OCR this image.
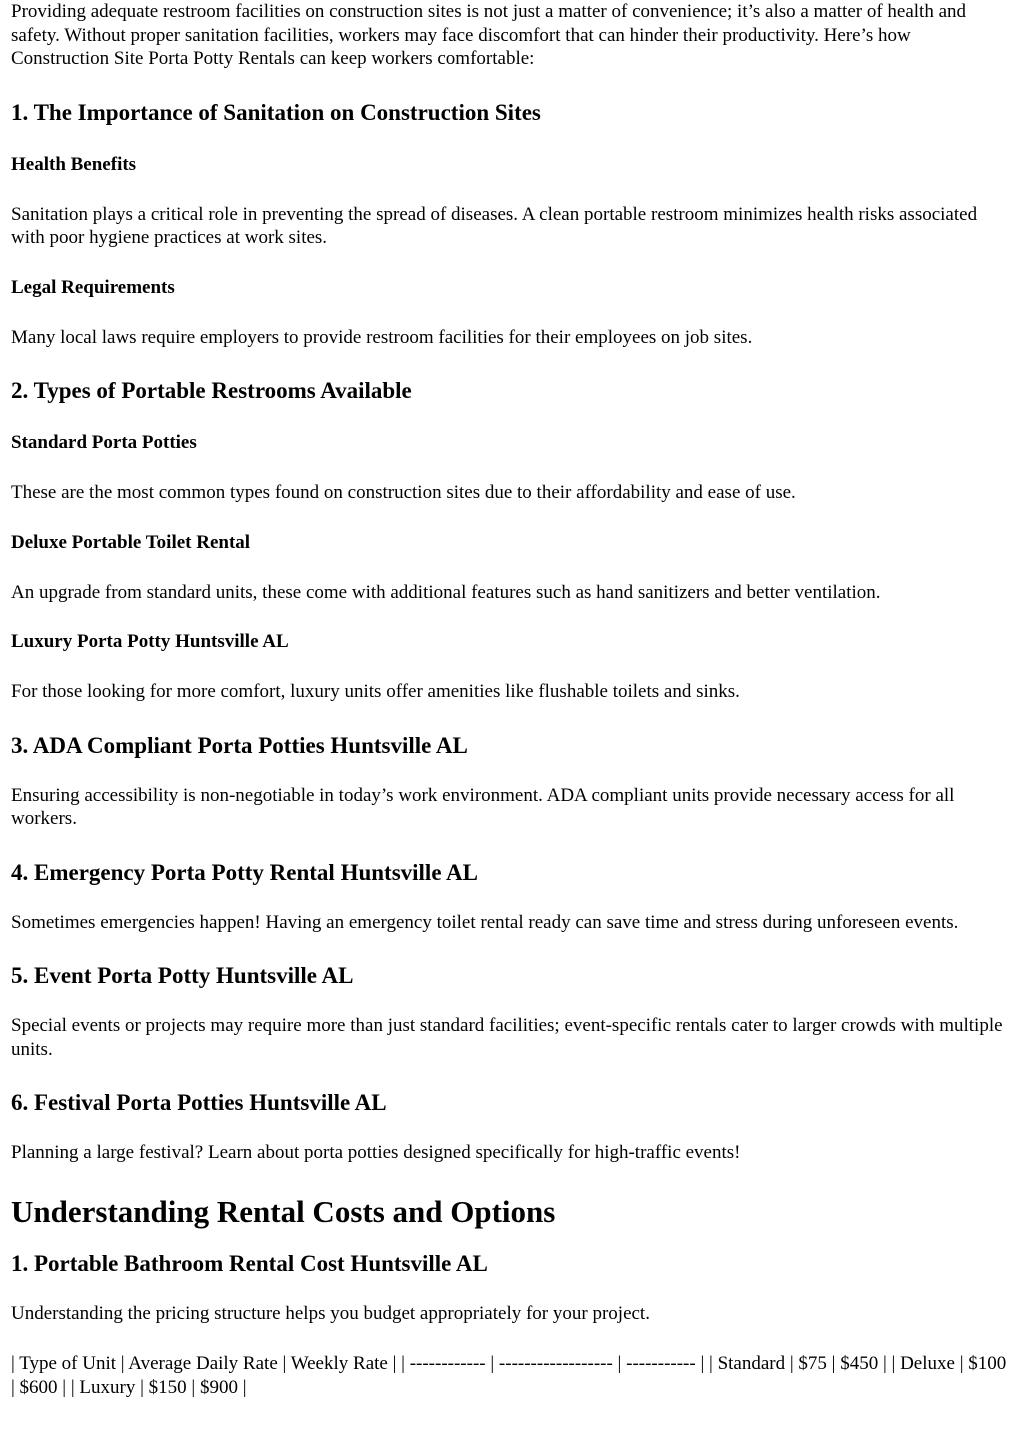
Providing adequate restroom facilities on construction sites is not just a matter of convenience; it’s also a matter of health and safety. Without proper sanitation facilities, workers may face discomfort that can hinder their productivity. Here’s how Construction Site Porta Potty Rentals can keep workers comfortable:

1. The Importance of Sanitation on Construction Sites
Health Benefits

Sanitation plays a critical role in preventing the spread of diseases. A clean portable restroom minimizes health risks associated with poor hygiene practices at work sites.

Legal Requirements

Many local laws require employers to provide restroom facilities for their employees on job sites.

2. Types of Portable Restrooms Available
Standard Porta Potties

These are the most common types found on construction sites due to their affordability and ease of use.

Deluxe Portable Toilet Rental

An upgrade from standard units, these come with additional features such as hand sanitizers and better ventilation.

Luxury Porta Potty Huntsville AL

For those looking for more comfort, luxury units offer amenities like flushable toilets and sinks.

3. ADA Compliant Porta Potties Huntsville AL

Ensuring accessibility is non-negotiable in today’s work environment. ADA compliant units provide necessary access for all workers.

4. Emergency Porta Potty Rental Huntsville AL

Sometimes emergencies happen! Having an emergency toilet rental ready can save time and stress during unforeseen events.

5. Event Porta Potty Huntsville AL

Special events or projects may require more than just standard facilities; event-specific rentals cater to larger crowds with multiple units.

6. Festival Porta Potties Huntsville AL

Planning a large festival? Learn about porta potties designed specifically for high-traffic events!

Understanding Rental Costs and Options
1. Portable Bathroom Rental Cost Huntsville AL

Understanding the pricing structure helps you budget appropriately for your project.

| Type of Unit | Average Daily Rate | Weekly Rate | | ------------ | ------------------ | ----------- | | Standard | $75 | $450 | | Deluxe | $100 | $600 | | Luxury | $150 | $900 |
